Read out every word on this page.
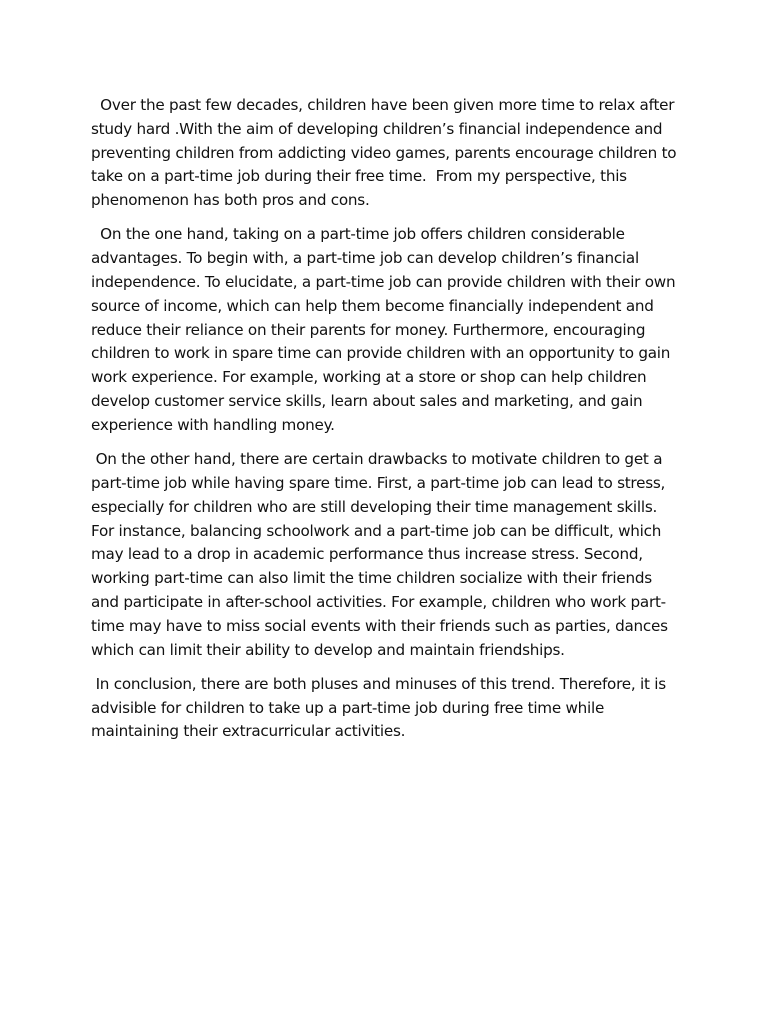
Over the past few decades, children have been given more time to relax after study hard .With the aim of developing children’s financial independence and preventing children from addicting video games, parents encourage children to take on a part-time job during their free time.  From my perspective, this phenomenon has both pros and cons.

On the one hand, taking on a part-time job offers children considerable advantages. To begin with, a part-time job can develop children’s financial independence. To elucidate, a part-time job can provide children with their own source of income, which can help them become financially independent and reduce their reliance on their parents for money. Furthermore, encouraging children to work in spare time can provide children with an opportunity to gain work experience. For example, working at a store or shop can help children develop customer service skills, learn about sales and marketing, and gain experience with handling money.

On the other hand, there are certain drawbacks to motivate children to get a part-time job while having spare time. First, a part-time job can lead to stress, especially for children who are still developing their time management skills. For instance, balancing schoolwork and a part-time job can be difficult, which may lead to a drop in academic performance thus increase stress. Second, working part-time can also limit the time children socialize with their friends and participate in after-school activities. For example, children who work part-time may have to miss social events with their friends such as parties, dances which can limit their ability to develop and maintain friendships.

In conclusion, there are both pluses and minuses of this trend. Therefore, it is advisible for children to take up a part-time job during free time while maintaining their extracurricular activities.
